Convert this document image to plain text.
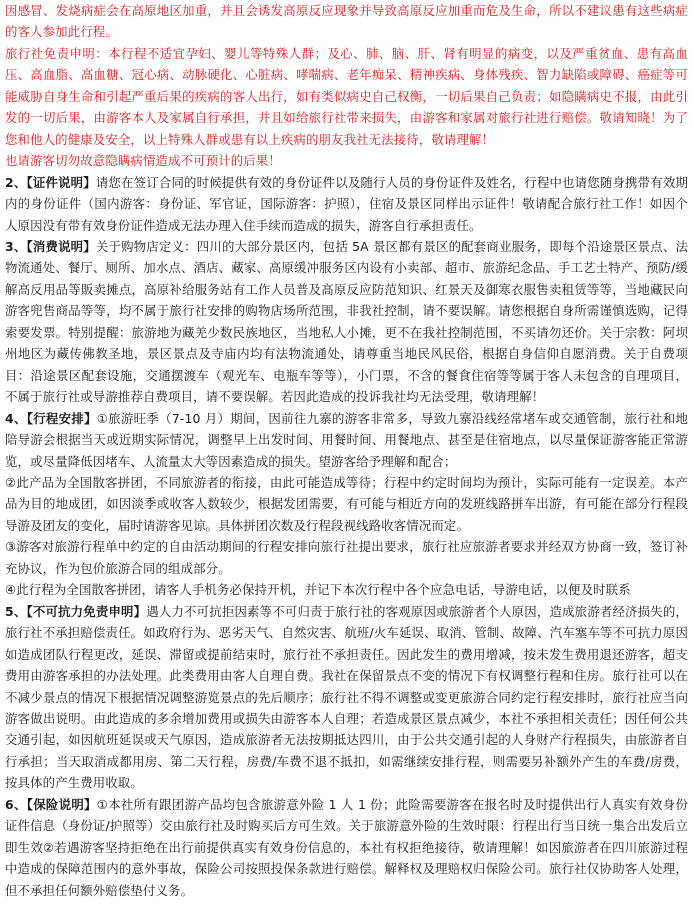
因感冒、发烧病症会在高原地区加重，并且会诱发高原反应现象并导致高原反应加重而危及生命，所以不建议患有这些病症的客人参加此行程。

旅行社免责申明：本行程不适宜孕妇、婴儿等特殊人群；及心、肺、脑、肝、肾有明显的病变，以及严重贫血、患有高血压、高血脂、高血糖、冠心病、动脉硬化、心脏病、哮喘病、老年痴呆、精神疾病、身体残疾、智力缺陷或障碍、癌症等可能威胁自身生命和引起严重后果的疾病的客人出行，如有类似病史自己权衡，一切后果自己负责；如隐瞒病史不报，由此引发的一切后果，由游客本人及家属自行承担，并且如给旅行社带来损失，由游客和家属对旅行社进行赔偿。敬请知晓！为了您和他人的健康及安全，以上特殊人群或患有以上疾病的朋友我社无法接待，敬请理解！

也请游客切勿故意隐瞒病情造成不可预计的后果！

2、【证件说明】请您在签订合同的时候提供有效的身份证件以及随行人员的身份证件及姓名，行程中也请您随身携带有效期内的身份证件（国内游客：身份证、军官证，国际游客：护照），住宿及景区同样出示证件！敬请配合旅行社工作！如因个人原因没有带有效身份证件造成无法办理入住手续而造成的损失，游客自行承担责任。

3、【消费说明】关于购物店定义：四川的大部分景区内，包括 5A 景区都有景区的配套商业服务，即每个沿途景区景点、法物流通处、餐厅、厕所、加水点、酒店、藏家、高原缓冲服务区内设有小卖部、超市、旅游纪念品、手工艺土特产、预防/缓解高反用品等販卖摊点，高原补给服务站有工作人员普及高原反应防范知识、红景天及御寒衣服售卖租赁等等，当地藏民向游客兜售商品等等，均不属于旅行社安排的购物店场所范围，非我社控制，请不要误解。请您根据自身所需谨慎选购，记得索要发票。特别提醒：旅游地为藏羌少数民族地区，当地私人小摊，更不在我社控制范围，不买请勿还价。关于宗教：阿坝州地区为藏传佛教圣地，景区景点及寺庙内均有法物流通处，请尊重当地民风民俗，根据自身信仰自愿消费。关于自费项目：沿途景区配套设施，交通摆渡车（观光车、电瓶车等等），小门票，不含的餐食住宿等等属于客人未包含的自理项目，不属于旅行社或导游推荐自费项目，请不要误解。若因此造成的投诉我社均无法受理，敬请理解！

4、【行程安排】①旅游旺季（7-10 月）期间，因前往九寨的游客非常多，导致九寨沿线经常堵车或交通管制，旅行社和地陪导游会根据当天或近期实际情况，调整早上出发时间、用餐时间、用餐地点、甚至是住宿地点，以尽量保证游客能正常游览，或尽量降低因堵车、人流量太大等因素造成的损失。望游客给予理解和配合；

②此产品为全国散客拼团，不同旅游者的衔接，由此可能造成等待；行程中约定时间均为预计，实际可能有一定误差。本产品为目的地成团，如因淡季或收客人数较少，根据发团需要，有可能与相近方向的发班线路拼车出游，有可能在部分行程段导游及团友的变化，届时请游客见谅。具体拼团次数及行程段视线路收客情况而定。

③游客对旅游行程单中约定的自由活动期间的行程安排向旅行社提出要求，旅行社应旅游者要求并经双方协商一致，签订补充协议，作为包价旅游合同的组成部分。

④此行程为全国散客拼团，请客人手机务必保持开机，并记下本次行程中各个应急电话，导游电话，以便及时联系

5、【不可抗力免责申明】遇人力不可抗拒因素等不可归责于旅行社的客观原因或旅游者个人原因，造成旅游者经济损失的，旅行社不承担赔偿责任。如政府行为、恶劣天气、自然灾害、航班/火车延误、取消、管制、故障、汽车塞车等不可抗力原因如造成团队行程更改，延误、滞留或提前结束时，旅行社不承担责任。因此发生的费用增减，按未发生费用退还游客，超支费用由游客承担的办法处理。此类费用由客人自理自费。我社在保留景点不变的情况下有权调整行程和住房。旅行社可以在不减少景点的情况下根据情况调整游览景点的先后顺序；旅行社不得不调整或变更旅游合同约定行程安排时，旅行社应当向游客做出说明。由此造成的多余增加费用或损失由游客本人自理；若造成景区景点减少，本社不承担相关责任；因任何公共交通引起，如因航班延误或天气原因，造成旅游者无法按期抵达四川，由于公共交通引起的人身财产行程损失，由旅游者自行承担；当天取消成都用房、第二天行程，房费/车费不退不抵扣，如需继续安排行程，则需要另补额外产生的车费/房费，按具体的产生费用收取。

6、【保险说明】①本社所有跟团游产品均包含旅游意外险 1 人 1 份；此险需要游客在报名时及时提供出行人真实有效身份证件信息（身份证/护照等）交由旅行社及时购买后方可生效。关于旅游意外险的生效时限：行程出行当日统一集合出发后立即生效②若遇游客坚持拒绝在出行前提供真实有效身份信息的，本社有权拒绝接待，敬请理解！如因旅游者在四川旅游过程中造成的保障范围内的意外事故，保险公司按照投保条款进行赔偿。解释权及理赔权归保险公司。旅行社仅协助客人处理，但不承担任何额外赔偿垫付义务。
